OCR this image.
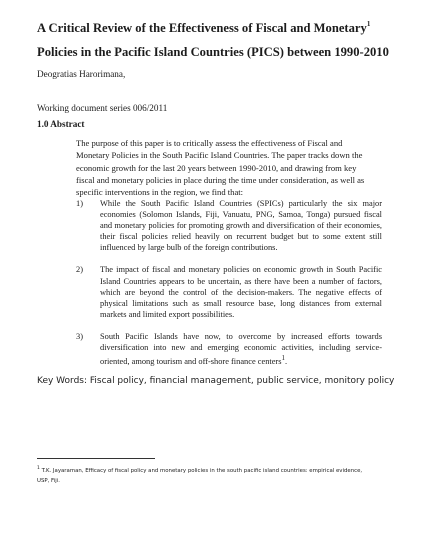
A Critical Review of the Effectiveness of Fiscal and Monetary$^1$
Policies in the Pacific Island Countries (PICS) between 1990-2010
Deogratias Harorimana,
Working document series 006/2011
1.0 Abstract

The purpose of this paper is to critically assess the effectiveness of Fiscal and Monetary Policies in the South Pacific Island Countries. The paper tracks down the economic growth for the last 20 years between 1990-2010, and drawing from key fiscal and monetary policies in place during the time under consideration, as well as specific interventions in the region, we find that:

1) While the South Pacific Island Countries (SPICs) particularly the six major economies (Solomon Islands, Fiji, Vanuatu, PNG, Samoa, Tonga) pursued fiscal and monetary policies for promoting growth and diversification of their economies, their fiscal policies relied heavily on recurrent budget but to some extent still influenced by large bulb of the foreign contributions.
2) The impact of fiscal and monetary policies on economic growth in South Pacific Island Countries appears to be uncertain, as there have been a number of factors, which are beyond the control of the decision-makers. The negative effects of physical limitations such as small resource base, long distances from external markets and limited export possibilities.
3) South Pacific Islands have now, to overcome by increased efforts towards diversification into new and emerging economic activities, including service-oriented, among tourism and off-shore finance centers$^1$.
Key Words: Fiscal policy, financial management, public service, monitory policy

$^1$ T.K. Jayaraman, Efficacy of fiscal policy and monetary policies in the south pacific island countries: empirical evidence, USP, Fiji.
